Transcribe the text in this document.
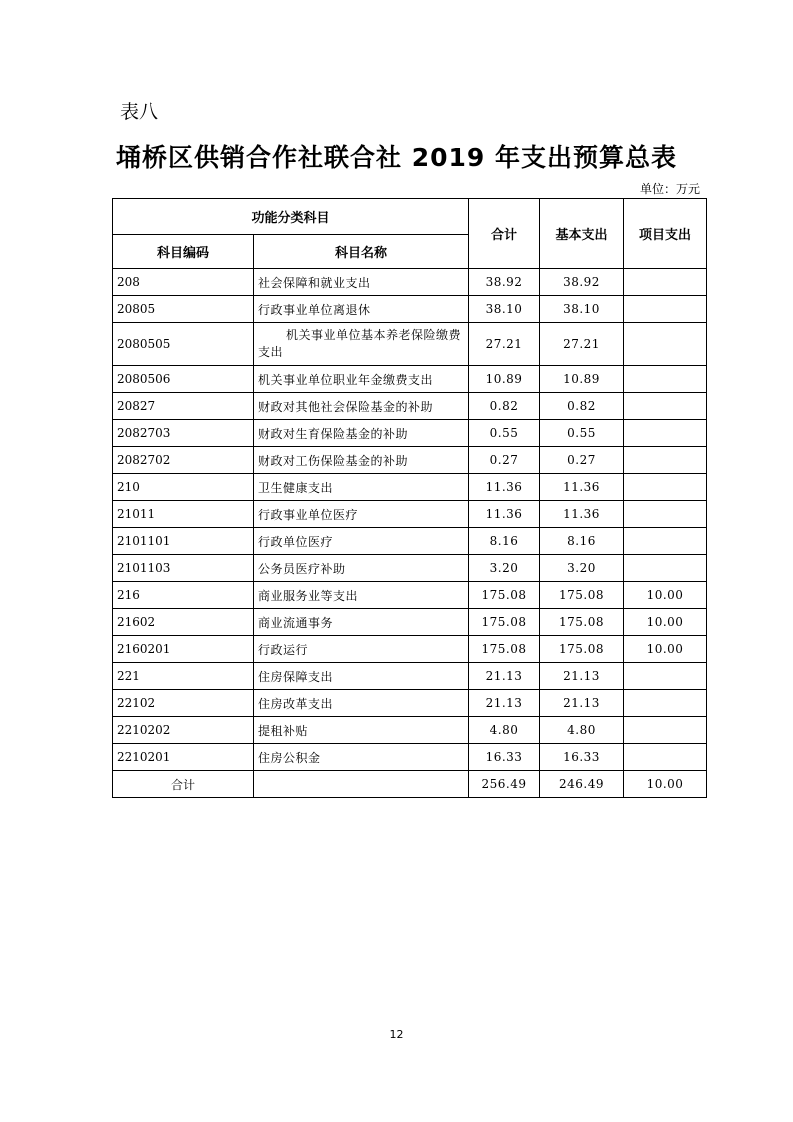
表八
埇桥区供销合作社联合社 2019 年支出预算总表
单位：万元
功能分类科目		合计	基本支出	项目支出
科目编码	科目名称			
208	社会保障和就业支出	38.92	38.92	
20805	行政事业单位离退休	38.10	38.10	
2080505	机关事业单位基本养老保险缴费支出	27.21	27.21	
2080506	机关事业单位职业年金缴费支出	10.89	10.89	
20827	财政对其他社会保险基金的补助	0.82	0.82	
2082703	财政对生育保险基金的补助	0.55	0.55	
2082702	财政对工伤保险基金的补助	0.27	0.27	
210	卫生健康支出	11.36	11.36	
21011	行政事业单位医疗	11.36	11.36	
2101101	行政单位医疗	8.16	8.16	
2101103	公务员医疗补助	3.20	3.20	
216	商业服务业等支出	175.08	175.08	10.00
21602	商业流通事务	175.08	175.08	10.00
2160201	行政运行	175.08	175.08	10.00
221	住房保障支出	21.13	21.13	
22102	住房改革支出	21.13	21.13	
2210202	提租补贴	4.80	4.80	
2210201	住房公积金	16.33	16.33	
合计		256.49	246.49	10.00
12
